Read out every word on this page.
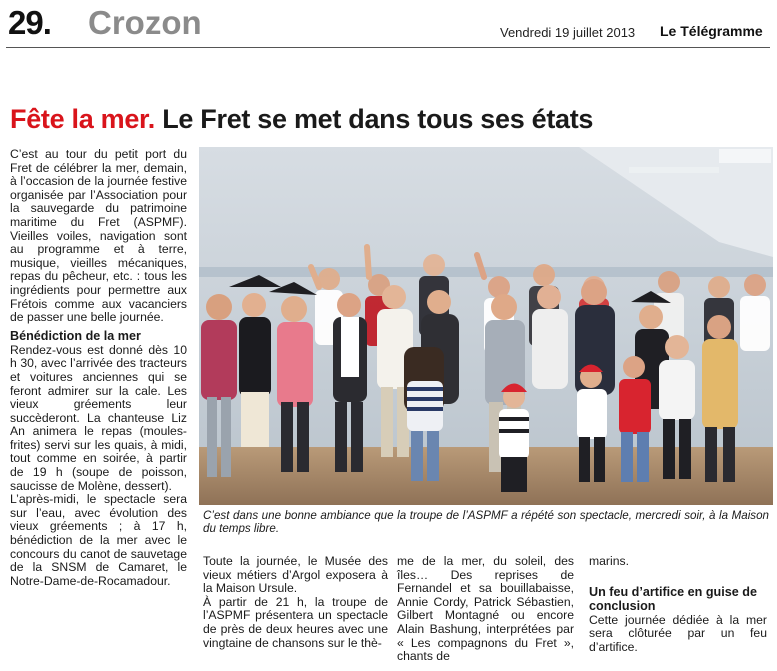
29. Crozon	Vendredi 19 juillet 2013 Le Télégramme
Fête la mer. Le Fret se met dans tous ses états

C’est au tour du petit port du Fret de célébrer la mer, demain, à l’occasion de la journée festive organisée par l’Association pour la sauvegarde du patrimoine maritime du Fret (ASPMF). Vieilles voiles, navigation sont au programme et à terre, musique, vieilles mécaniques, repas du pêcheur, etc. : tous les ingrédients pour permettre aux Frétois comme aux vacanciers de passer une belle journée.

Bénédiction de la mer

Rendez-vous est donné dès 10 h 30, avec l’arrivée des tracteurs et voitures anciennes qui se feront admirer sur la cale. Les vieux gréements leur succèderont. La chanteuse Liz An animera le repas (moules-frites) servi sur les quais, à midi, tout comme en soirée, à partir de 19 h (soupe de poisson, saucisse de Molène, dessert).

L’après-midi, le spectacle sera sur l’eau, avec évolution des vieux gréements ; à 17 h, bénédiction de la mer avec le concours du canot de sauvetage de la SNSM de Camaret, le Notre-Dame-de-Rocamadour.

C’est dans une bonne ambiance que la troupe de l’ASPMF a répété son spectacle, mercredi soir, à la Maison du temps libre.

Toute la journée, le Musée des vieux métiers d’Argol exposera à la Maison Ursule.

À partir de 21 h, la troupe de l’ASPMF présentera un spectacle de près de deux heures avec une vingtaine de chansons sur le thè-

me de la mer, du soleil, des îles… Des reprises de Fernandel et sa bouillabaisse, Annie Cordy, Patrick Sébastien, Gilbert Montagné ou encore Alain Bashung, interprétées par « Les compagnons du Fret », chants de

marins.

Un feu d’artifice en guise de conclusion

Cette journée dédiée à la mer sera clôturée par un feu d’artifice.
